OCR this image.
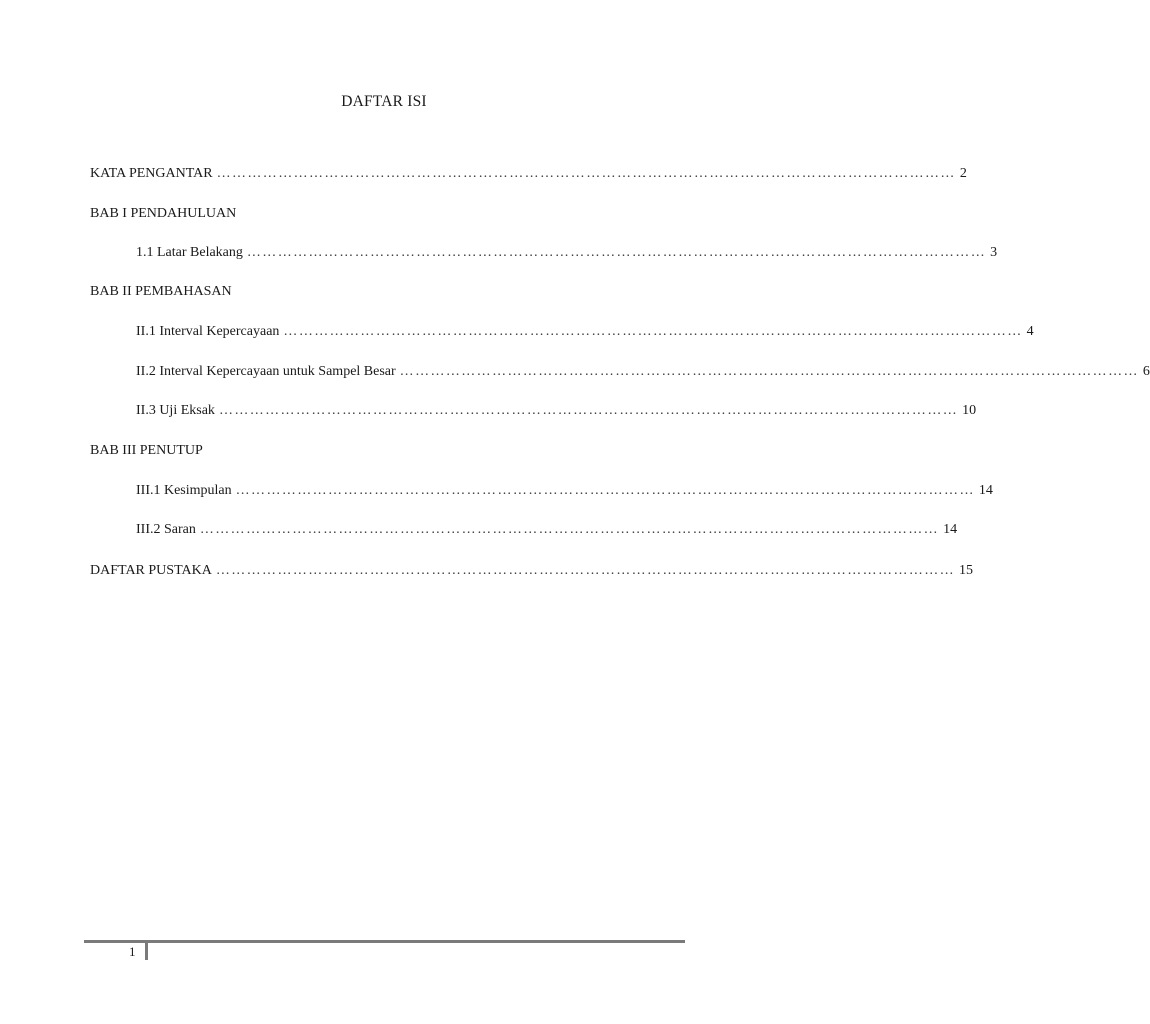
DAFTAR ISI
KATA PENGANTAR ……………………………………………………………………………………………………………………………… 2
BAB I PENDAHULUAN
1.1 Latar Belakang ……………………………………………………………………………………………………………………………… 3
BAB II PEMBAHASAN
II.1 Interval Kepercayaan ……………………………………………………………………………………………………………………………… 4
II.2 Interval Kepercayaan untuk Sampel Besar ……………………………………………………………………………………………………………………………… 6
II.3 Uji Eksak ……………………………………………………………………………………………………………………………… 10
BAB III PENUTUP
III.1 Kesimpulan ……………………………………………………………………………………………………………………………… 14
III.2 Saran ……………………………………………………………………………………………………………………………… 14
DAFTAR PUSTAKA ……………………………………………………………………………………………………………………………… 15
1
